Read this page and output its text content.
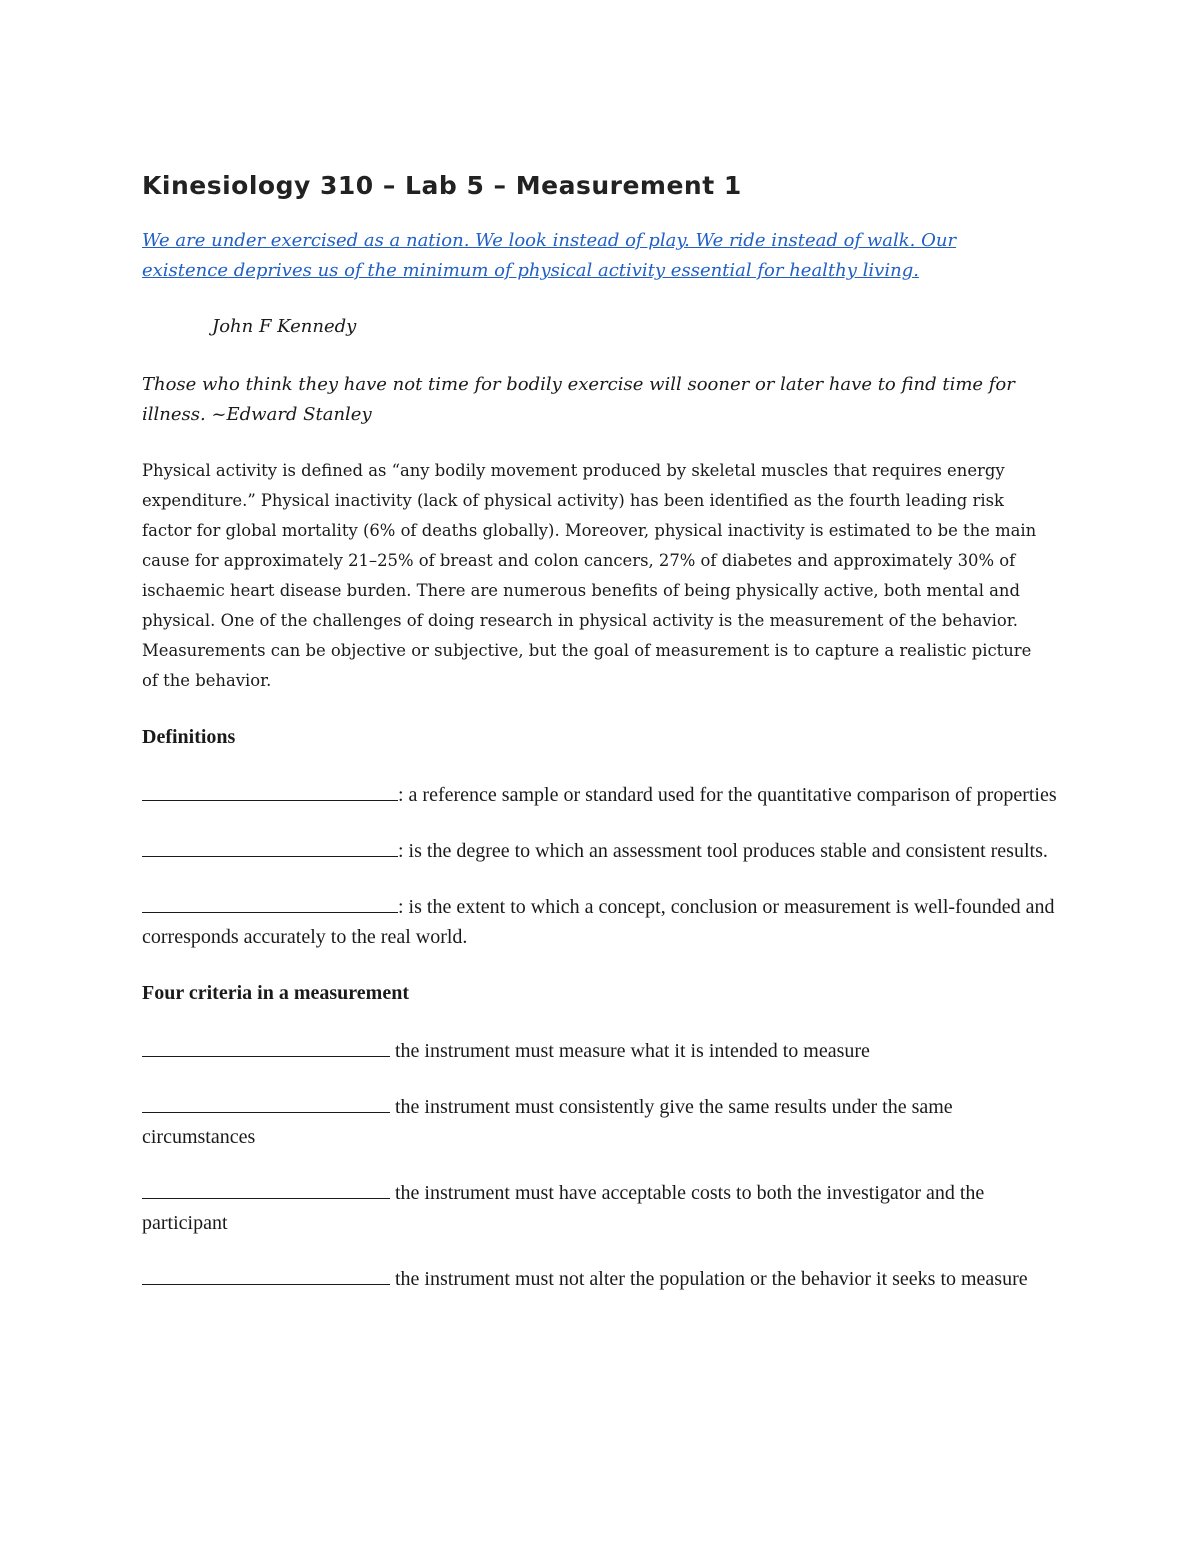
Kinesiology 310 – Lab 5 – Measurement 1
We are under exercised as a nation. We look instead of play. We ride instead of walk. Our existence deprives us of the minimum of physical activity essential for healthy living.
John F Kennedy

Those who think they have not time for bodily exercise will sooner or later have to find time for illness. ~Edward Stanley

Physical activity is defined as “any bodily movement produced by skeletal muscles that requires energy expenditure.” Physical inactivity (lack of physical activity) has been identified as the fourth leading risk factor for global mortality (6% of deaths globally). Moreover, physical inactivity is estimated to be the main cause for approximately 21–25% of breast and colon cancers, 27% of diabetes and approximately 30% of ischaemic heart disease burden. There are numerous benefits of being physically active, both mental and physical. One of the challenges of doing research in physical activity is the measurement of the behavior. Measurements can be objective or subjective, but the goal of measurement is to capture a realistic picture of the behavior.

Definitions
: a reference sample or standard used for the quantitative comparison of properties
: is the degree to which an assessment tool produces stable and consistent results.
: is the extent to which a concept, conclusion or measurement is well-founded and corresponds accurately to the real world.
Four criteria in a measurement
the instrument must measure what it is intended to measure
the instrument must consistently give the same results under the same circumstances
the instrument must have acceptable costs to both the investigator and the participant
the instrument must not alter the population or the behavior it seeks to measure
